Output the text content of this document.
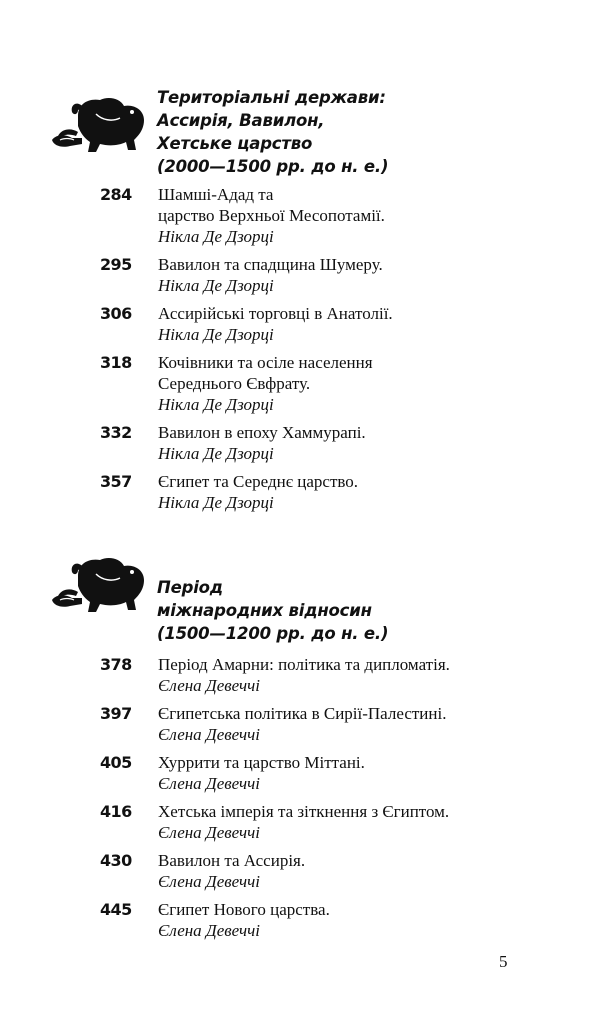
Територіальні держави:
Ассирія, Вавилон,
Хетське царство
(2000—1500 рр. до н. е.)
284 Шамші-Адад та
царство Верхньої Месопотамії.
Нікла Де Дзорці
295 Вавилон та спадщина Шумеру.
Нікла Де Дзорці
306 Ассирійські торговці в Анатолії.
Нікла Де Дзорці
318 Кочівники та осіле населення
Середнього Євфрату.
Нікла Де Дзорці
332 Вавилон в епоху Хаммурапі.
Нікла Де Дзорці
357 Єгипет та Середнє царство.
Нікла Де Дзорці
Період
міжнародних відносин
(1500—1200 рр. до н. е.)
378 Період Амарни: політика та дипломатія.
Єлена Девеччі
397 Єгипетська політика в Сирії-Палестині.
Єлена Девеччі
405 Хуррити та царство Міттані.
Єлена Девеччі
416 Хетська імперія та зіткнення з Єгиптом.
Єлена Девеччі
430 Вавилон та Ассирія.
Єлена Девеччі
445 Єгипет Нового царства.
Єлена Девеччі
5
